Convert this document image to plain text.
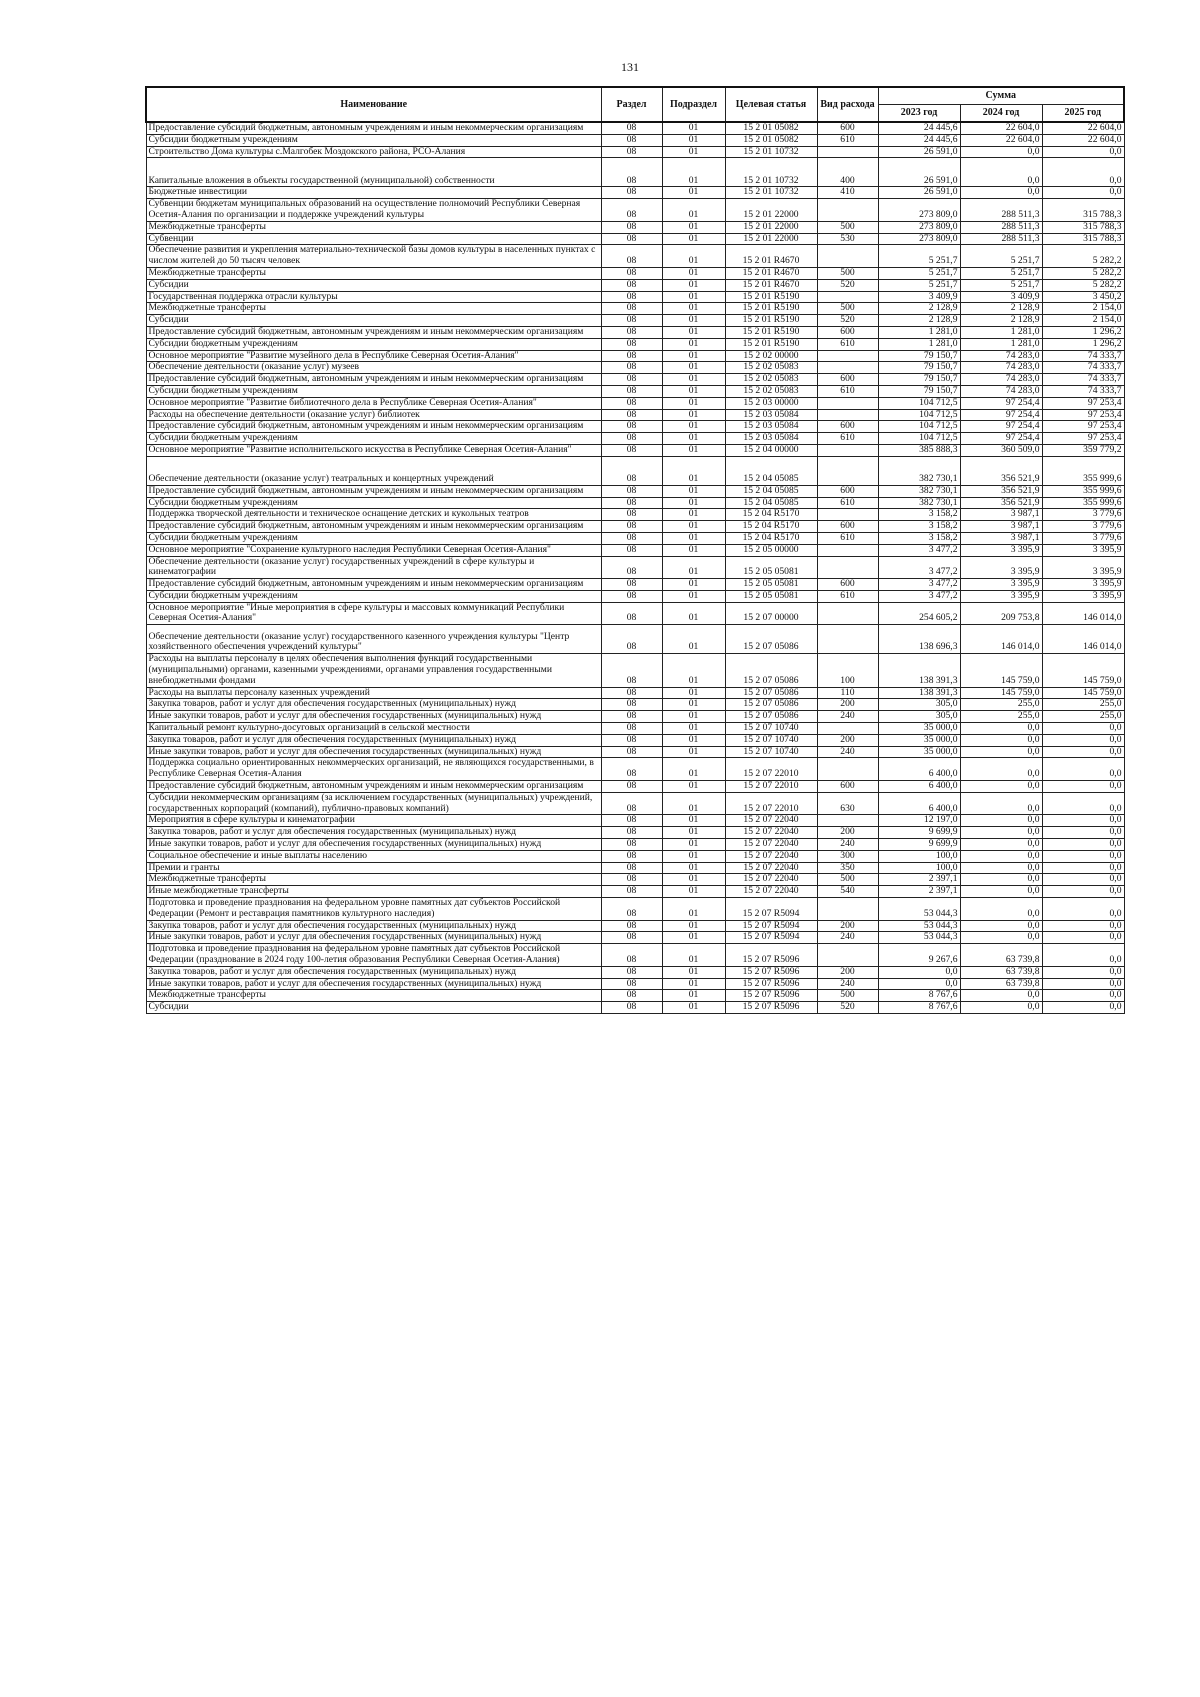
131
Наименование	Раздел	Подраздел	Целевая статья	Вид расхода	Сумма		
					2023 год	2024 год	2025 год
Предоставление субсидий бюджетным, автономным учреждениям и иным некоммерческим организациям	08	01	15 2 01 05082	600	24 445,6	22 604,0	22 604,0
Субсидии бюджетным учреждениям	08	01	15 2 01 05082	610	24 445,6	22 604,0	22 604,0
Строительство Дома культуры с.Малгобек Моздокского района, РСО-Алания	08	01	15 2 01 10732		26 591,0	0,0	0,0
Капитальные вложения в объекты государственной (муниципальной) собственности	08	01	15 2 01 10732	400	26 591,0	0,0	0,0
Бюджетные инвестиции	08	01	15 2 01 10732	410	26 591,0	0,0	0,0
Субвенции бюджетам муниципальных образований на осуществление полномочий Республики Северная Осетия-Алания по организации и поддержке учреждений культуры	08	01	15 2 01 22000		273 809,0	288 511,3	315 788,3
Межбюджетные трансферты	08	01	15 2 01 22000	500	273 809,0	288 511,3	315 788,3
Субвенции	08	01	15 2 01 22000	530	273 809,0	288 511,3	315 788,3
Обеспечение развития и укрепления материально-технической базы домов культуры в населенных пунктах с числом жителей до 50 тысяч человек	08	01	15 2 01 R4670		5 251,7	5 251,7	5 282,2
Межбюджетные трансферты	08	01	15 2 01 R4670	500	5 251,7	5 251,7	5 282,2
Субсидии	08	01	15 2 01 R4670	520	5 251,7	5 251,7	5 282,2
Государственная поддержка отрасли культуры	08	01	15 2 01 R5190		3 409,9	3 409,9	3 450,2
Межбюджетные трансферты	08	01	15 2 01 R5190	500	2 128,9	2 128,9	2 154,0
Субсидии	08	01	15 2 01 R5190	520	2 128,9	2 128,9	2 154,0
Предоставление субсидий бюджетным, автономным учреждениям и иным некоммерческим организациям	08	01	15 2 01 R5190	600	1 281,0	1 281,0	1 296,2
Субсидии бюджетным учреждениям	08	01	15 2 01 R5190	610	1 281,0	1 281,0	1 296,2
Основное мероприятие "Развитие музейного дела в Республике Северная Осетия-Алания"	08	01	15 2 02 00000		79 150,7	74 283,0	74 333,7
Обеспечение деятельности (оказание услуг) музеев	08	01	15 2 02 05083		79 150,7	74 283,0	74 333,7
Предоставление субсидий бюджетным, автономным учреждениям и иным некоммерческим организациям	08	01	15 2 02 05083	600	79 150,7	74 283,0	74 333,7
Субсидии бюджетным учреждениям	08	01	15 2 02 05083	610	79 150,7	74 283,0	74 333,7
Основное мероприятие "Развитие библиотечного дела в Республике Северная Осетия-Алания"	08	01	15 2 03 00000		104 712,5	97 254,4	97 253,4
Расходы на обеспечение деятельности (оказание услуг) библиотек	08	01	15 2 03 05084		104 712,5	97 254,4	97 253,4
Предоставление субсидий бюджетным, автономным учреждениям и иным некоммерческим организациям	08	01	15 2 03 05084	600	104 712,5	97 254,4	97 253,4
Субсидии бюджетным учреждениям	08	01	15 2 03 05084	610	104 712,5	97 254,4	97 253,4
Основное мероприятие "Развитие исполнительского искусства в Республике Северная Осетия-Алания"	08	01	15 2 04 00000		385 888,3	360 509,0	359 779,2
Обеспечение деятельности (оказание услуг) театральных и концертных учреждений	08	01	15 2 04 05085		382 730,1	356 521,9	355 999,6
Предоставление субсидий бюджетным, автономным учреждениям и иным некоммерческим организациям	08	01	15 2 04 05085	600	382 730,1	356 521,9	355 999,6
Субсидии бюджетным учреждениям	08	01	15 2 04 05085	610	382 730,1	356 521,9	355 999,6
Поддержка творческой деятельности и техническое оснащение детских и кукольных театров	08	01	15 2 04 R5170		3 158,2	3 987,1	3 779,6
Предоставление субсидий бюджетным, автономным учреждениям и иным некоммерческим организациям	08	01	15 2 04 R5170	600	3 158,2	3 987,1	3 779,6
Субсидии бюджетным учреждениям	08	01	15 2 04 R5170	610	3 158,2	3 987,1	3 779,6
Основное мероприятие "Сохранение культурного наследия Республики Северная Осетия-Алания"	08	01	15 2 05 00000		3 477,2	3 395,9	3 395,9
Обеспечение деятельности (оказание услуг) государственных учреждений в сфере культуры и кинематографии	08	01	15 2 05 05081		3 477,2	3 395,9	3 395,9
Предоставление субсидий бюджетным, автономным учреждениям и иным некоммерческим организациям	08	01	15 2 05 05081	600	3 477,2	3 395,9	3 395,9
Субсидии бюджетным учреждениям	08	01	15 2 05 05081	610	3 477,2	3 395,9	3 395,9
Основное мероприятие "Иные мероприятия в сфере культуры и массовых коммуникаций Республики Северная Осетия-Алания"	08	01	15 2 07 00000		254 605,2	209 753,8	146 014,0
Обеспечение деятельности (оказание услуг) государственного казенного учреждения культуры "Центр хозяйственного обеспечения учреждений культуры"	08	01	15 2 07 05086		138 696,3	146 014,0	146 014,0
Расходы на выплаты персоналу в целях обеспечения выполнения функций государственными (муниципальными) органами, казенными учреждениями, органами управления государственными внебюджетными фондами	08	01	15 2 07 05086	100	138 391,3	145 759,0	145 759,0
Расходы на выплаты персоналу казенных учреждений	08	01	15 2 07 05086	110	138 391,3	145 759,0	145 759,0
Закупка товаров, работ и услуг для обеспечения государственных (муниципальных) нужд	08	01	15 2 07 05086	200	305,0	255,0	255,0
Иные закупки товаров, работ и услуг для обеспечения государственных (муниципальных) нужд	08	01	15 2 07 05086	240	305,0	255,0	255,0
Капитальный ремонт культурно-досуговых организаций в сельской местности	08	01	15 2 07 10740		35 000,0	0,0	0,0
Закупка товаров, работ и услуг для обеспечения государственных (муниципальных) нужд	08	01	15 2 07 10740	200	35 000,0	0,0	0,0
Иные закупки товаров, работ и услуг для обеспечения государственных (муниципальных) нужд	08	01	15 2 07 10740	240	35 000,0	0,0	0,0
Поддержка социально ориентированных некоммерческих организаций, не являющихся государственными, в Республике Северная Осетия-Алания	08	01	15 2 07 22010		6 400,0	0,0	0,0
Предоставление субсидий бюджетным, автономным учреждениям и иным некоммерческим организациям	08	01	15 2 07 22010	600	6 400,0	0,0	0,0
Субсидии некоммерческим организациям (за исключением государственных (муниципальных) учреждений, государственных корпораций (компаний), публично-правовых компаний)	08	01	15 2 07 22010	630	6 400,0	0,0	0,0
Мероприятия в сфере культуры и кинематографии	08	01	15 2 07 22040		12 197,0	0,0	0,0
Закупка товаров, работ и услуг для обеспечения государственных (муниципальных) нужд	08	01	15 2 07 22040	200	9 699,9	0,0	0,0
Иные закупки товаров, работ и услуг для обеспечения государственных (муниципальных) нужд	08	01	15 2 07 22040	240	9 699,9	0,0	0,0
Социальное обеспечение и иные выплаты населению	08	01	15 2 07 22040	300	100,0	0,0	0,0
Премии и гранты	08	01	15 2 07 22040	350	100,0	0,0	0,0
Межбюджетные трансферты	08	01	15 2 07 22040	500	2 397,1	0,0	0,0
Иные межбюджетные трансферты	08	01	15 2 07 22040	540	2 397,1	0,0	0,0
Подготовка и проведение празднования на федеральном уровне памятных дат субъектов Российской Федерации (Ремонт и реставрация памятников культурного наследия)	08	01	15 2 07 R5094		53 044,3	0,0	0,0
Закупка товаров, работ и услуг для обеспечения государственных (муниципальных) нужд	08	01	15 2 07 R5094	200	53 044,3	0,0	0,0
Иные закупки товаров, работ и услуг для обеспечения государственных (муниципальных) нужд	08	01	15 2 07 R5094	240	53 044,3	0,0	0,0
Подготовка и проведение празднования на федеральном уровне памятных дат субъектов Российской Федерации (празднование в 2024 году 100-летия образования Республики Северная Осетия-Алания)	08	01	15 2 07 R5096		9 267,6	63 739,8	0,0
Закупка товаров, работ и услуг для обеспечения государственных (муниципальных) нужд	08	01	15 2 07 R5096	200	0,0	63 739,8	0,0
Иные закупки товаров, работ и услуг для обеспечения государственных (муниципальных) нужд	08	01	15 2 07 R5096	240	0,0	63 739,8	0,0
Межбюджетные трансферты	08	01	15 2 07 R5096	500	8 767,6	0,0	0,0
Субсидии	08	01	15 2 07 R5096	520	8 767,6	0,0	0,0
